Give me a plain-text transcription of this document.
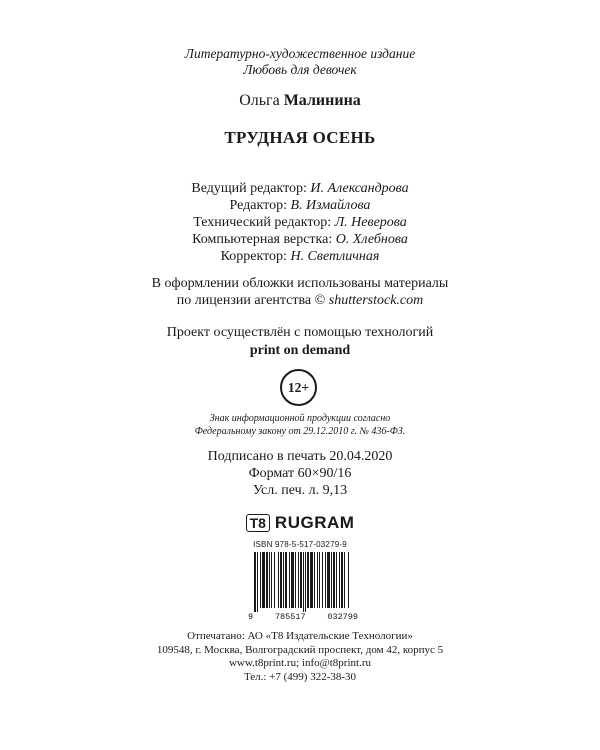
Литературно-художественное издание
Любовь для девочек
Ольга Малинина
ТРУДНАЯ ОСЕНЬ
Ведущий редактор: И. Александрова
Редактор: В. Измайлова
Технический редактор: Л. Неверова
Компьютерная верстка: О. Хлебнова
Корректор: Н. Светличная
В оформлении обложки использованы материалы
по лицензии агентства © shutterstock.com
Проект осуществлён с помощью технологий
print on demand
12+
Знак информационной продукции согласно
Федеральному закону от 29.12.2010 г. № 436-ФЗ.
Подписано в печать 20.04.2020
Формат 60×90/16
Усл. печ. л. 9,13
T8 RUGRAM
ISBN 978-5-517-03279-9
9	785517	032799
Отпечатано: АО «Т8 Издательские Технологии»
109548, г. Москва, Волгоградский проспект, дом 42, корпус 5
www.t8print.ru; info@t8print.ru
Тел.: +7 (499) 322-38-30
